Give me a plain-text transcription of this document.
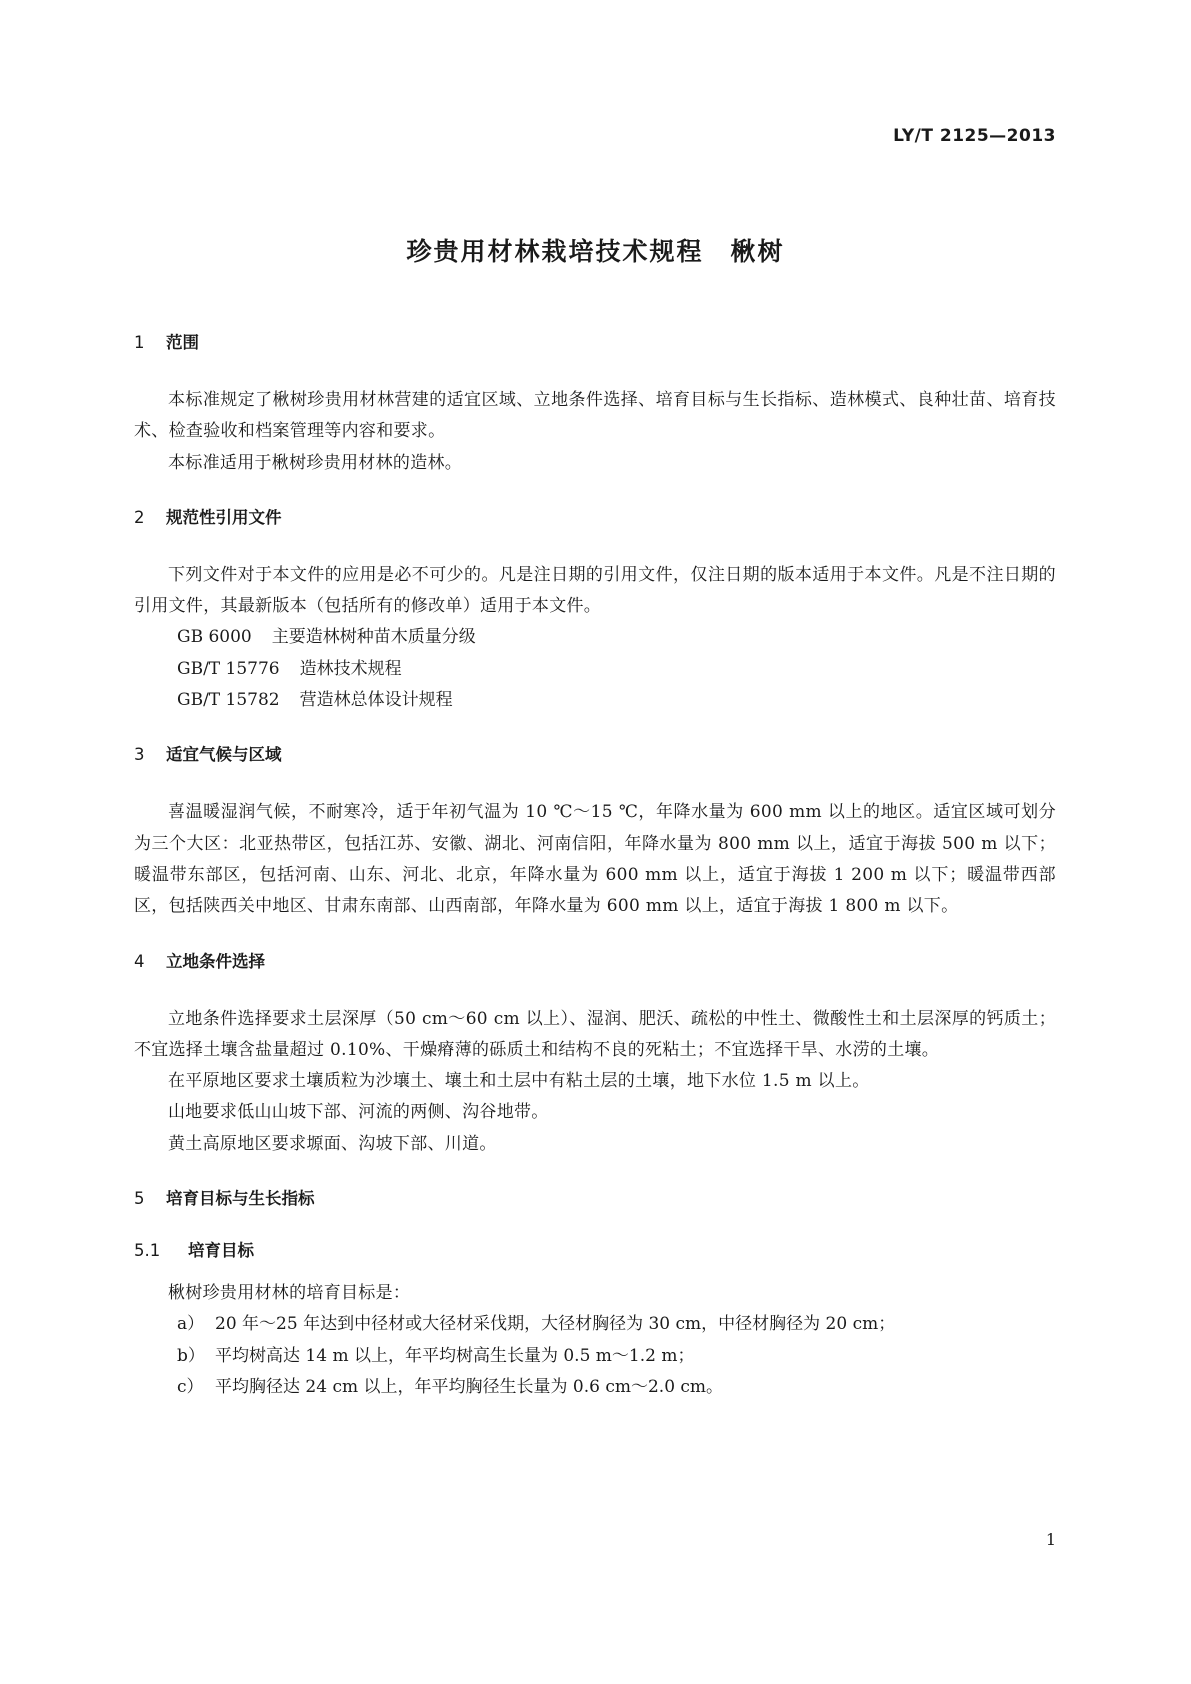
LY/T 2125—2013
珍贵用材林栽培技术规程　楸树
1 范围

本标准规定了楸树珍贵用材林营建的适宜区域、立地条件选择、培育目标与生长指标、造林模式、良种壮苗、培育技术、检查验收和档案管理等内容和要求。

本标准适用于楸树珍贵用材林的造林。

2 规范性引用文件

下列文件对于本文件的应用是必不可少的。凡是注日期的引用文件，仅注日期的版本适用于本文件。凡是不注日期的引用文件，其最新版本（包括所有的修改单）适用于本文件。

GB 6000 主要造林树种苗木质量分级

GB/T 15776 造林技术规程

GB/T 15782 营造林总体设计规程

3 适宜气候与区域

喜温暖湿润气候，不耐寒冷，适于年初气温为 10 ℃～15 ℃，年降水量为 600 mm 以上的地区。适宜区域可划分为三个大区：北亚热带区，包括江苏、安徽、湖北、河南信阳，年降水量为 800 mm 以上，适宜于海拔 500 m 以下；暖温带东部区，包括河南、山东、河北、北京，年降水量为 600 mm 以上，适宜于海拔 1 200 m 以下；暖温带西部区，包括陕西关中地区、甘肃东南部、山西南部，年降水量为 600 mm 以上，适宜于海拔 1 800 m 以下。

4 立地条件选择

立地条件选择要求土层深厚（50 cm～60 cm 以上）、湿润、肥沃、疏松的中性土、微酸性土和土层深厚的钙质土；不宜选择土壤含盐量超过 0.10%、干燥瘠薄的砾质土和结构不良的死粘土；不宜选择干旱、水涝的土壤。

在平原地区要求土壤质粒为沙壤土、壤土和土层中有粘土层的土壤，地下水位 1.5 m 以上。

山地要求低山山坡下部、河流的两侧、沟谷地带。

黄土高原地区要求塬面、沟坡下部、川道。

5 培育目标与生长指标
5.1 培育目标

楸树珍贵用材林的培育目标是：

a） 20 年～25 年达到中径材或大径材采伐期，大径材胸径为 30 cm，中径材胸径为 20 cm；

b） 平均树高达 14 m 以上，年平均树高生长量为 0.5 m～1.2 m；

c） 平均胸径达 24 cm 以上，年平均胸径生长量为 0.6 cm～2.0 cm。

1
